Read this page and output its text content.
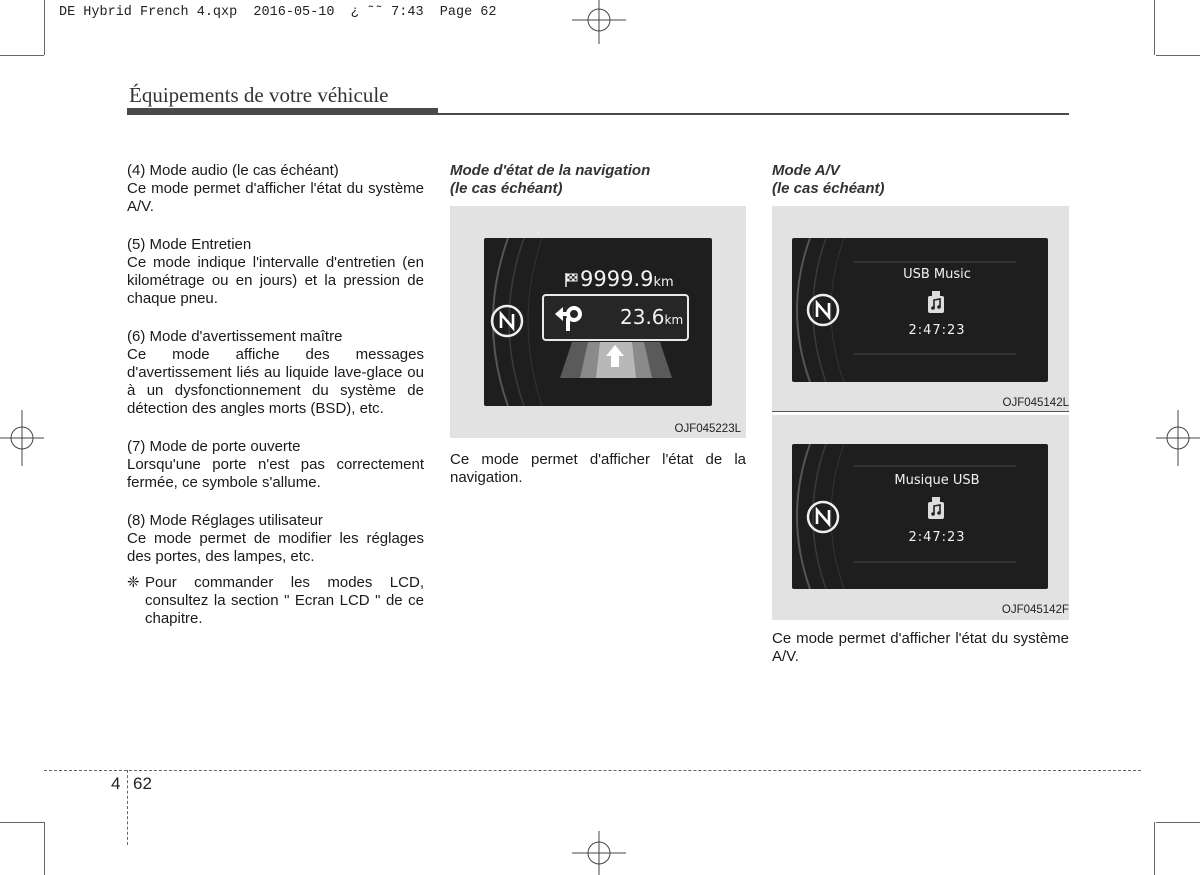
DE Hybrid French 4.qxp  2016-05-10  ¿ ˜˜ 7:43  Page 62
Équipements de votre véhicule

(4) Mode audio (le cas échéant)
Ce mode permet d'afficher l'état du système A/V.

(5) Mode Entretien
Ce mode indique l'intervalle d'entretien (en kilométrage ou en jours) et la pression de chaque pneu.

(6) Mode d'avertissement maître
Ce mode affiche des messages d'avertissement liés au liquide lave-glace ou à un dysfonctionnement du système de détection des angles morts (BSD), etc.

(7) Mode de porte ouverte
Lorsqu'une porte n'est pas correctement fermée, ce symbole s'allume.

(8) Mode Réglages utilisateur
Ce mode permet de modifier les réglages des portes, des lampes, etc.

❈ Pour commander les modes LCD, consultez la section " Ecran LCD " de ce chapitre.
Mode d'état de la navigation
(le cas échéant)
9999.9km
23.6km
OJF045223L
Ce mode permet d'afficher l'état de la navigation.
Mode A/V
(le cas échéant)
USB Music
2:47:23
OJF045142L
Musique USB
2:47:23
OJF045142F
Ce mode permet d'afficher l'état du système A/V.
4 62
